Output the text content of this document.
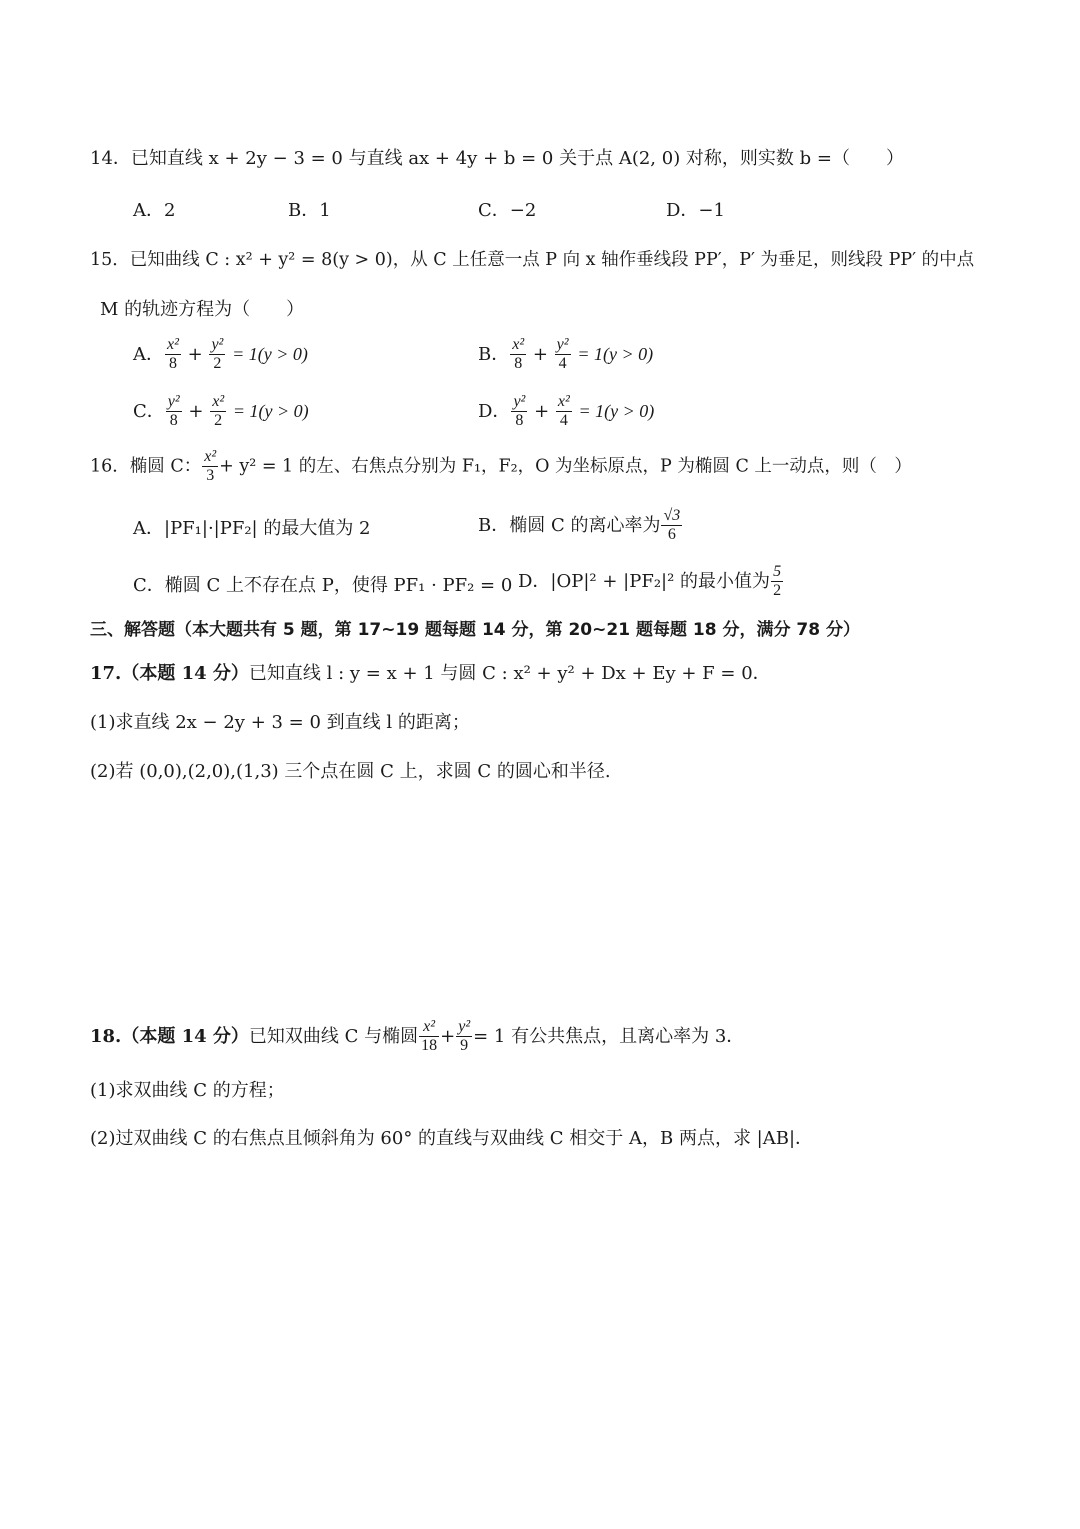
14．已知直线 x + 2y − 3 = 0 与直线 ax + 4y + b = 0 关于点 A(2, 0) 对称，则实数 b =（　　）
A．2	B．1	C．−2	D．−1
15．已知曲线 C : x² + y² = 8(y > 0)，从 C 上任意一点 P 向 x 轴作垂线段 PP′，P′ 为垂足，则线段 PP′ 的中点
M 的轨迹方程为（　　）
A． $\frac{\text{x²}}{8} + \frac{\text{y²}}{2} = 1(y > 0)$	B． $\frac{\text{x²}}{8} + \frac{\text{y²}}{4} = 1(y > 0)$
C． $\frac{\text{y²}}{8} + \frac{\text{x²}}{2} = 1(y > 0)$	D． $\frac{\text{y²}}{8} + \frac{\text{x²}}{4} = 1(y > 0)$
16．椭圆 C： $\frac{\text{x²}}{3} + y^2 = 1$ 的左、右焦点分别为 F₁，F₂，O 为坐标原点，P 为椭圆 C 上一动点，则（　）
A．|PF₁|·|PF₂| 的最大值为 2	B．椭圆 C 的离心率为 $\frac{√3}{6}$
C．椭圆 C 上不存在点 P，使得 PF₁ · PF₂ = 0 D．|OP|² + |PF₂|² 的最小值为 $\frac{5}{2}$
三、解答题（本大题共有 5 题，第 17~19 题每题 14 分，第 20~21 题每题 18 分，满分 78 分）
17.（本题 14 分）已知直线 l : y = x + 1 与圆 C : x² + y² + Dx + Ey + F = 0．
(1)求直线 2x − 2y + 3 = 0 到直线 l 的距离；
(2)若 (0,0),(2,0),(1,3) 三个点在圆 C 上，求圆 C 的圆心和半径.
18.（本题 14 分）已知双曲线 C 与椭圆 $\frac{\text{x²}}{18} + \frac{\text{y²}}{9} = 1$ 有公共焦点，且离心率为 3．
(1)求双曲线 C 的方程；
(2)过双曲线 C 的右焦点且倾斜角为 60° 的直线与双曲线 C 相交于 A，B 两点，求 |AB|．
